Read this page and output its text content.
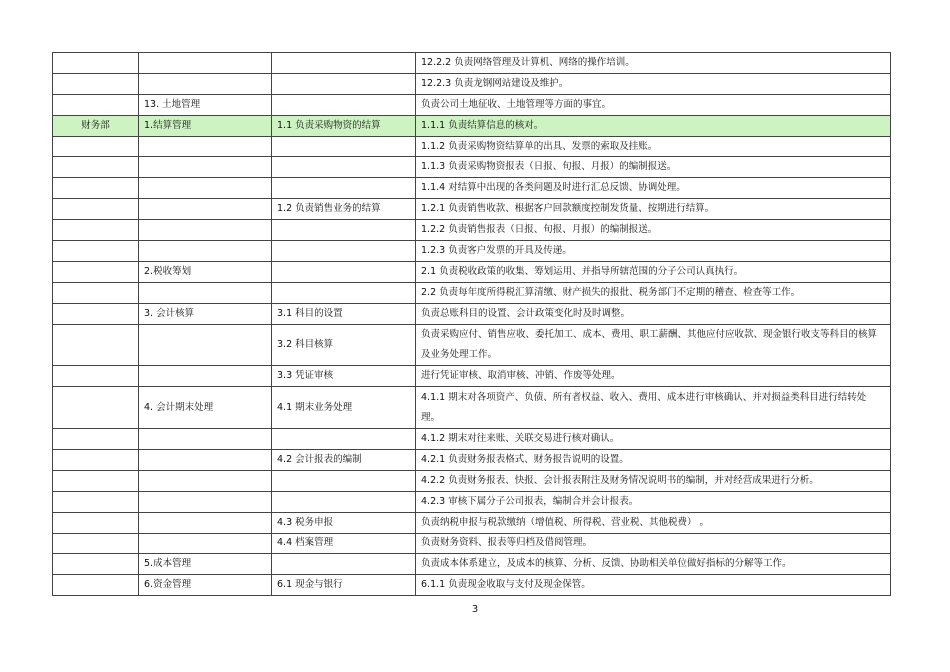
			12.2.2 负责网络管理及计算机、网络的操作培训。
			12.2.3 负责龙钢网站建设及维护。
	13. 土地管理		负责公司土地征收、土地管理等方面的事宜。
财务部	1.结算管理	1.1 负责采购物资的结算	1.1.1 负责结算信息的核对。
			1.1.2 负责采购物资结算单的出具、发票的索取及挂账。
			1.1.3 负责采购物资报表（日报、旬报、月报）的编制报送。
			1.1.4 对结算中出现的各类问题及时进行汇总反馈、协调处理。
		1.2 负责销售业务的结算	1.2.1 负责销售收款、根据客户回款额度控制发货量、按期进行结算。
			1.2.2 负责销售报表（日报、旬报、月报）的编制报送。
			1.2.3 负责客户发票的开具及传递。
	2.税收筹划		2.1 负责税收政策的收集、筹划运用、并指导所辖范围的分子公司认真执行。
			2.2 负责每年度所得税汇算清缴、财产损失的报批、税务部门不定期的稽查、检查等工作。
	3. 会计核算	3.1 科目的设置	负责总账科目的设置、会计政策变化时及时调整。
		3.2 科目核算	负责采购应付、销售应收、委托加工、成本、费用、职工薪酬、其他应付应收款、现金银行收支等科目的核算及业务处理工作。
		3.3 凭证审核	进行凭证审核、取消审核、冲销、作废等处理。
	4. 会计期末处理	4.1 期末业务处理	4.1.1 期末对各项资产、负债、所有者权益、收入、费用、成本进行审核确认、并对损益类科目进行结转处理。
			4.1.2 期末对往来账、关联交易进行核对确认。
		4.2 会计报表的编制	4.2.1 负责财务报表格式、财务报告说明的设置。
			4.2.2 负责财务报表、快报、会计报表附注及财务情况说明书的编制，并对经营成果进行分析。
			4.2.3 审核下属分子公司报表，编制合并会计报表。
		4.3 税务申报	负责纳税申报与税款缴纳（增值税、所得税、营业税、其他税费） 。
		4.4 档案管理	负责财务资料、报表等归档及借阅管理。
	5.成本管理		负责成本体系建立，及成本的核算、分析、反馈、协助相关单位做好指标的分解等工作。
	6.资金管理	6.1 现金与银行	6.1.1 负责现金收取与支付及现金保管。
3
